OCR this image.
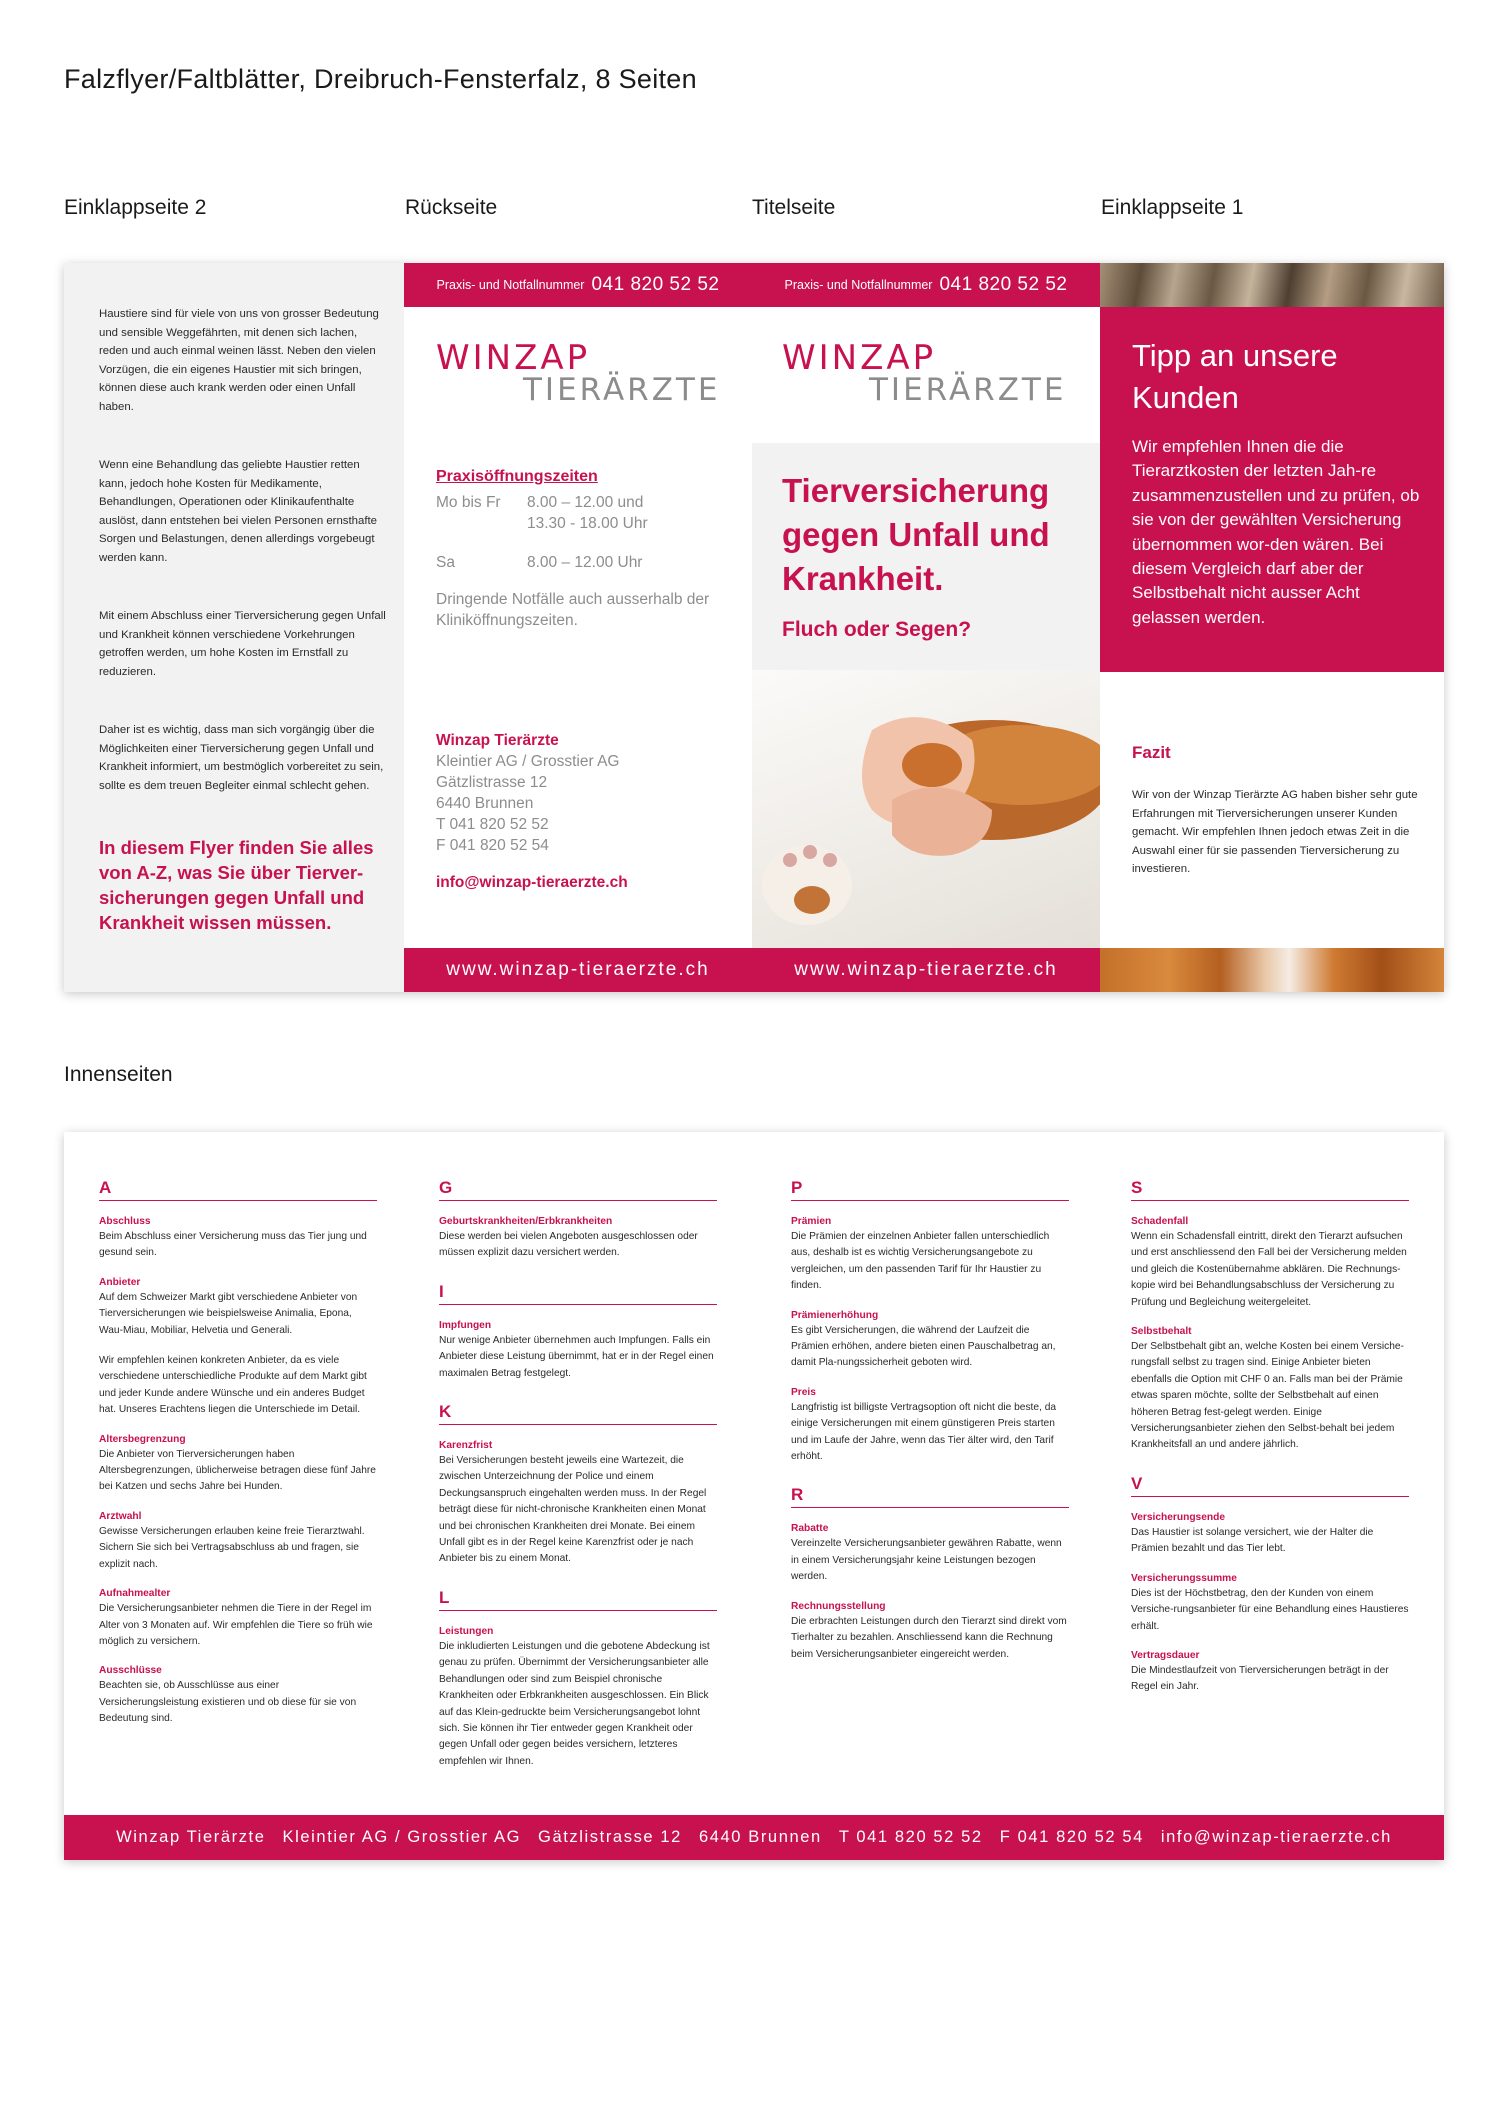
Falzflyer/Faltblätter, Dreibruch-Fensterfalz, 8 Seiten
Einklappseite 2	Rückseite	Titelseite	Einklappseite 1

Haustiere sind für viele von uns von grosser Bedeutung und sensible Weggefährten, mit denen sich lachen, reden und auch einmal weinen lässt. Neben den vielen Vorzügen, die ein eigenes Haustier mit sich bringen, können diese auch krank werden oder einen Unfall haben.

Wenn eine Behandlung das geliebte Haustier retten kann, jedoch hohe Kosten für Medikamente, Behandlungen, Operationen oder Klinikaufenthalte auslöst, dann entstehen bei vielen Personen ernsthafte Sorgen und Belastungen, denen allerdings vorgebeugt werden kann.

Mit einem Abschluss einer Tierversicherung gegen Unfall und Krankheit können verschiedene Vorkehrungen getroffen werden, um hohe Kosten im Ernstfall zu reduzieren.

Daher ist es wichtig, dass man sich vorgängig über die Möglichkeiten einer Tierversicherung gegen Unfall und Krankheit informiert, um bestmöglich vorbereitet zu sein, sollte es dem treuen Begleiter einmal schlecht gehen.

In diesem Flyer finden Sie alles von A-Z, was Sie über Tierver-sicherungen gegen Unfall und Krankheit wissen müssen.

Praxis- und Notfallnummer 041 820 52 52
WINZAP
TIERÄRZTE
Praxisöffnungszeiten
Mo bis Fr	8.00 – 12.00 und
13.30 - 18.00 Uhr
Sa	8.00 – 12.00 Uhr
Dringende Notfälle auch ausserhalb der Kliniköffnungszeiten.
Winzap Tierärzte
Kleintier AG / Grosstier AG
Gätzlistrasse 12
6440 Brunnen
T 041 820 52 52
F 041 820 52 54
info@winzap-tieraerzte.ch
www.winzap-tieraerzte.ch
Praxis- und Notfallnummer 041 820 52 52
WINZAP
TIERÄRZTE
Tierversicherung gegen Unfall und Krankheit.
Fluch oder Segen?
www.winzap-tieraerzte.ch
Tipp an unsere Kunden
Wir empfehlen Ihnen die die Tierarztkosten der letzten Jah-re zusammenzustellen und zu prüfen, ob sie von der gewählten Versicherung übernommen wor-den wären. Bei diesem Vergleich darf aber der Selbstbehalt nicht ausser Acht gelassen werden.
Fazit
Wir von der Winzap Tierärzte AG haben bisher sehr gute Erfahrungen mit Tierversicherungen unserer Kunden gemacht. Wir empfehlen Ihnen jedoch etwas Zeit in die Auswahl einer für sie passenden Tierversicherung zu investieren.
Innenseiten
A
Abschluss
Beim Abschluss einer Versicherung muss das Tier jung und gesund sein.
Anbieter
Auf dem Schweizer Markt gibt verschiedene Anbieter von Tierversicherungen wie beispielsweise Animalia, Epona, Wau-Miau, Mobiliar, Helvetia und Generali.
Wir empfehlen keinen konkreten Anbieter, da es viele verschiedene unterschiedliche Produkte auf dem Markt gibt und jeder Kunde andere Wünsche und ein anderes Budget hat. Unseres Erachtens liegen die Unterschiede im Detail.
Altersbegrenzung
Die Anbieter von Tierversicherungen haben Altersbegrenzungen, üblicherweise betragen diese fünf Jahre bei Katzen und sechs Jahre bei Hunden.
Arztwahl
Gewisse Versicherungen erlauben keine freie Tierarztwahl. Sichern Sie sich bei Vertragsabschluss ab und fragen, sie explizit nach.
Aufnahmealter
Die Versicherungsanbieter nehmen die Tiere in der Regel im Alter von 3 Monaten auf. Wir empfehlen die Tiere so früh wie möglich zu versichern.
Ausschlüsse
Beachten sie, ob Ausschlüsse aus einer Versicherungsleistung existieren und ob diese für sie von Bedeutung sind.
G
Geburtskrankheiten/Erbkrankheiten
Diese werden bei vielen Angeboten ausgeschlossen oder müssen explizit dazu versichert werden.
I
Impfungen
Nur wenige Anbieter übernehmen auch Impfungen. Falls ein Anbieter diese Leistung übernimmt, hat er in der Regel einen maximalen Betrag festgelegt.
K
Karenzfrist
Bei Versicherungen besteht jeweils eine Wartezeit, die zwischen Unterzeichnung der Police und einem Deckungsanspruch eingehalten werden muss. In der Regel beträgt diese für nicht-chronische Krankheiten einen Monat und bei chronischen Krankheiten drei Monate. Bei einem Unfall gibt es in der Regel keine Karenzfrist oder je nach Anbieter bis zu einem Monat.
L
Leistungen
Die inkludierten Leistungen und die gebotene Abdeckung ist genau zu prüfen. Übernimmt der Versicherungsanbieter alle Behandlungen oder sind zum Beispiel chronische Krankheiten oder Erbkrankheiten ausgeschlossen. Ein Blick auf das Klein-gedruckte beim Versicherungsangebot lohnt sich. Sie können ihr Tier entweder gegen Krankheit oder gegen Unfall oder gegen beides versichern, letzteres empfehlen wir Ihnen.
P
Prämien
Die Prämien der einzelnen Anbieter fallen unterschiedlich aus, deshalb ist es wichtig Versicherungsangebote zu vergleichen, um den passenden Tarif für Ihr Haustier zu finden.
Prämienerhöhung
Es gibt Versicherungen, die während der Laufzeit die Prämien erhöhen, andere bieten einen Pauschalbetrag an, damit Pla-nungssicherheit geboten wird.
Preis
Langfristig ist billigste Vertragsoption oft nicht die beste, da einige Versicherungen mit einem günstigeren Preis starten und im Laufe der Jahre, wenn das Tier älter wird, den Tarif erhöht.
R
Rabatte
Vereinzelte Versicherungsanbieter gewähren Rabatte, wenn in einem Versicherungsjahr keine Leistungen bezogen werden.
Rechnungsstellung
Die erbrachten Leistungen durch den Tierarzt sind direkt vom Tierhalter zu bezahlen. Anschliessend kann die Rechnung beim Versicherungsanbieter eingereicht werden.
S
Schadenfall
Wenn ein Schadensfall eintritt, direkt den Tierarzt aufsuchen und erst anschliessend den Fall bei der Versicherung melden und gleich die Kostenübernahme abklären. Die Rechnungs-kopie wird bei Behandlungsabschluss der Versicherung zu Prüfung und Begleichung weitergeleitet.
Selbstbehalt
Der Selbstbehalt gibt an, welche Kosten bei einem Versiche-rungsfall selbst zu tragen sind. Einige Anbieter bieten ebenfalls die Option mit CHF 0 an. Falls man bei der Prämie etwas sparen möchte, sollte der Selbstbehalt auf einen höheren Betrag fest-gelegt werden. Einige Versicherungsanbieter ziehen den Selbst-behalt bei jedem Krankheitsfall an und andere jährlich.
V
Versicherungsende
Das Haustier ist solange versichert, wie der Halter die Prämien bezahlt und das Tier lebt.
Versicherungssumme
Dies ist der Höchstbetrag, den der Kunden von einem Versiche-rungsanbieter für eine Behandlung eines Haustieres erhält.
Vertragsdauer
Die Mindestlaufzeit von Tierversicherungen beträgt in der Regel ein Jahr.
Winzap Tierärzte Kleintier AG / Grosstier AG Gätzlistrasse 12 6440 Brunnen T 041 820 52 52 F 041 820 52 54 info@winzap-tieraerzte.ch
